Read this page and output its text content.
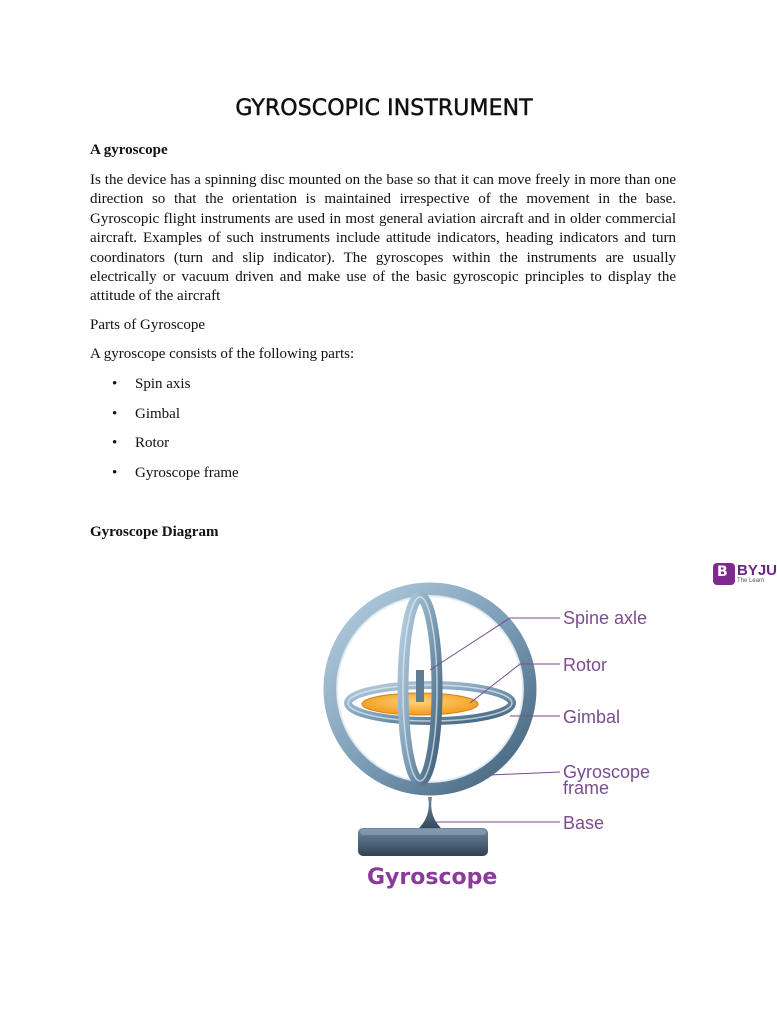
GYROSCOPIC INSTRUMENT

A gyroscope

Is the device has a spinning disc mounted on the base so that it can move freely in more than one direction so that the orientation is maintained irrespective of the movement in the base. Gyroscopic flight instruments are used in most general aviation aircraft and in older commercial aircraft. Examples of such instruments include attitude indicators, heading indicators and turn coordinators (turn and slip indicator). The gyroscopes within the instruments are usually electrically or vacuum driven and make use of the basic gyroscopic principles to display the attitude of the aircraft

Parts of Gyroscope

A gyroscope consists of the following parts:

• Spin axis
• Gimbal
• Rotor
• Gyroscope frame

Gyroscope Diagram

B BYJU
The Learn
Spine axle
Rotor
Gimbal
Gyroscope
frame
Base
Gyroscope
